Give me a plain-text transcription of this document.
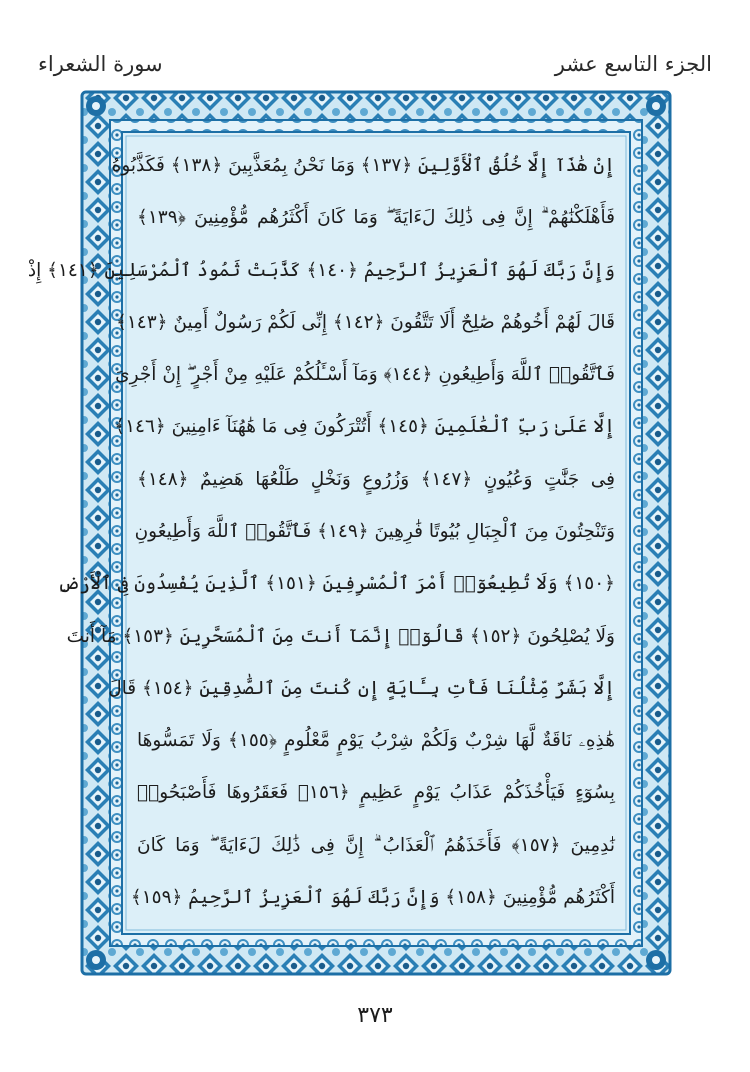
الجزء التاسع عشر
سورة الشعراء
إِنْ هَٰذَآ إِلَّا خُلُقُ ٱلْأَوَّلِينَ ﴿١٣٧﴾ وَمَا نَحْنُ بِمُعَذَّبِينَ ﴿١٣٨﴾ فَكَذَّبُوهُ
فَأَهْلَكْنَٰهُمْ ۗ إِنَّ فِى ذَٰلِكَ لَءَايَةً ۖ وَمَا كَانَ أَكْثَرُهُم مُّؤْمِنِينَ ﴿١٣٩﴾
وَإِنَّ رَبَّكَ لَهُوَ ٱلْعَزِيزُ ٱلرَّحِيمُ ﴿١٤٠﴾ كَذَّبَتْ ثَمُودُ ٱلْمُرْسَلِينَ ﴿١٤١﴾ إِذْ
قَالَ لَهُمْ أَخُوهُمْ صَٰلِحٌ أَلَا تَتَّقُونَ ﴿١٤٢﴾ إِنِّى لَكُمْ رَسُولٌ أَمِينٌ ﴿١٤٣﴾
فَٱتَّقُوا۟ ٱللَّهَ وَأَطِيعُونِ ﴿١٤٤﴾ وَمَآ أَسْـَٔلُكُمْ عَلَيْهِ مِنْ أَجْرٍ ۖ إِنْ أَجْرِىَ
إِلَّا عَلَىٰ رَبِّ ٱلْعَٰلَمِينَ ﴿١٤٥﴾ أَتُتْرَكُونَ فِى مَا هَٰهُنَآ ءَامِنِينَ ﴿١٤٦﴾
فِى جَنَّٰتٍ وَعُيُونٍ ﴿١٤٧﴾ وَزُرُوعٍ وَنَخْلٍ طَلْعُهَا هَضِيمٌ ﴿١٤٨﴾
وَتَنْحِتُونَ مِنَ ٱلْجِبَالِ بُيُوتًا فَٰرِهِينَ ﴿١٤٩﴾ فَٱتَّقُوا۟ ٱللَّهَ وَأَطِيعُونِ
﴿١٥٠﴾ وَلَا تُطِيعُوٓا۟ أَمْرَ ٱلْمُسْرِفِينَ ﴿١٥١﴾ ٱلَّذِينَ يُفْسِدُونَ فِى ٱلْأَرْضِ
وَلَا يُصْلِحُونَ ﴿١٥٢﴾ قَالُوٓا۟ إِنَّمَآ أَنتَ مِنَ ٱلْمُسَحَّرِينَ ﴿١٥٣﴾ مَآ أَنتَ
إِلَّا بَشَرٌ مِّثْلُنَا فَأْتِ بِـَٔايَةٍ إِن كُنتَ مِنَ ٱلصَّٰدِقِينَ ﴿١٥٤﴾ قَالَ
هَٰذِهِۦ نَاقَةٌ لَّهَا شِرْبٌ وَلَكُمْ شِرْبُ يَوْمٍ مَّعْلُومٍ ﴿١٥٥﴾ وَلَا تَمَسُّوهَا
بِسُوٓءٍ فَيَأْخُذَكُمْ عَذَابُ يَوْمٍ عَظِيمٍ ﴿١٥٦﴾ فَعَقَرُوهَا فَأَصْبَحُوا۟
نَٰدِمِينَ ﴿١٥٧﴾ فَأَخَذَهُمُ ٱلْعَذَابُ ۗ إِنَّ فِى ذَٰلِكَ لَءَايَةً ۖ وَمَا كَانَ
أَكْثَرُهُم مُّؤْمِنِينَ ﴿١٥٨﴾ وَإِنَّ رَبَّكَ لَهُوَ ٱلْعَزِيزُ ٱلرَّحِيمُ ﴿١٥٩﴾
٣٧٣
